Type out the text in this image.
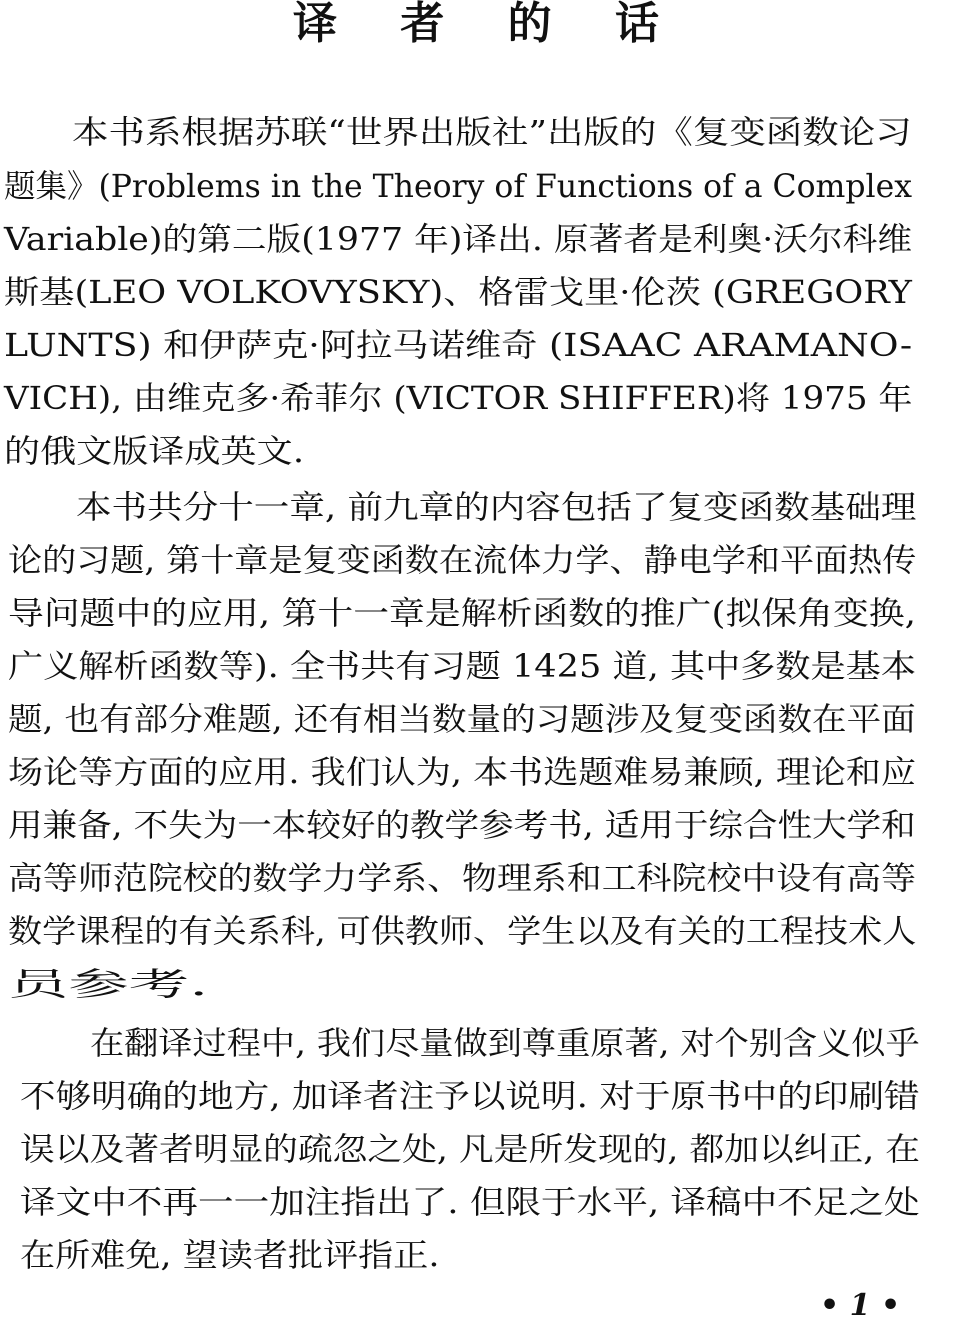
译 者 的 话
本书系根据苏联“世界出版社”出版的《复变函数论习
题集》(Problems in the Theory of Functions of a Complex
Variable)的第二版(1977 年)译出. 原著者是利奥·沃尔科维
斯基(LEO VOLKOVYSKY)、格雷戈里·伦茨 (GREGORY
LUNTS) 和伊萨克·阿拉马诺维奇 (ISAAC ARAMANO-
VICH), 由维克多·希菲尔 (VICTOR SHIFFER)将 1975 年
的俄文版译成英文.
本书共分十一章, 前九章的内容包括了复变函数基础理
论的习题, 第十章是复变函数在流体力学、静电学和平面热传
导问题中的应用, 第十一章是解析函数的推广(拟保角变换,
广义解析函数等). 全书共有习题 1425 道, 其中多数是基本
题, 也有部分难题, 还有相当数量的习题涉及复变函数在平面
场论等方面的应用. 我们认为, 本书选题难易兼顾, 理论和应
用兼备, 不失为一本较好的教学参考书, 适用于综合性大学和
高等师范院校的数学力学系、物理系和工科院校中设有高等
数学课程的有关系科, 可供教师、学生以及有关的工程技术人
员参考.
在翻译过程中, 我们尽量做到尊重原著, 对个别含义似乎
不够明确的地方, 加译者注予以说明. 对于原书中的印刷错
误以及著者明显的疏忽之处, 凡是所发现的, 都加以纠正, 在
译文中不再一一加注指出了. 但限于水平, 译稿中不足之处
在所难免, 望读者批评指正.
• 1 •
